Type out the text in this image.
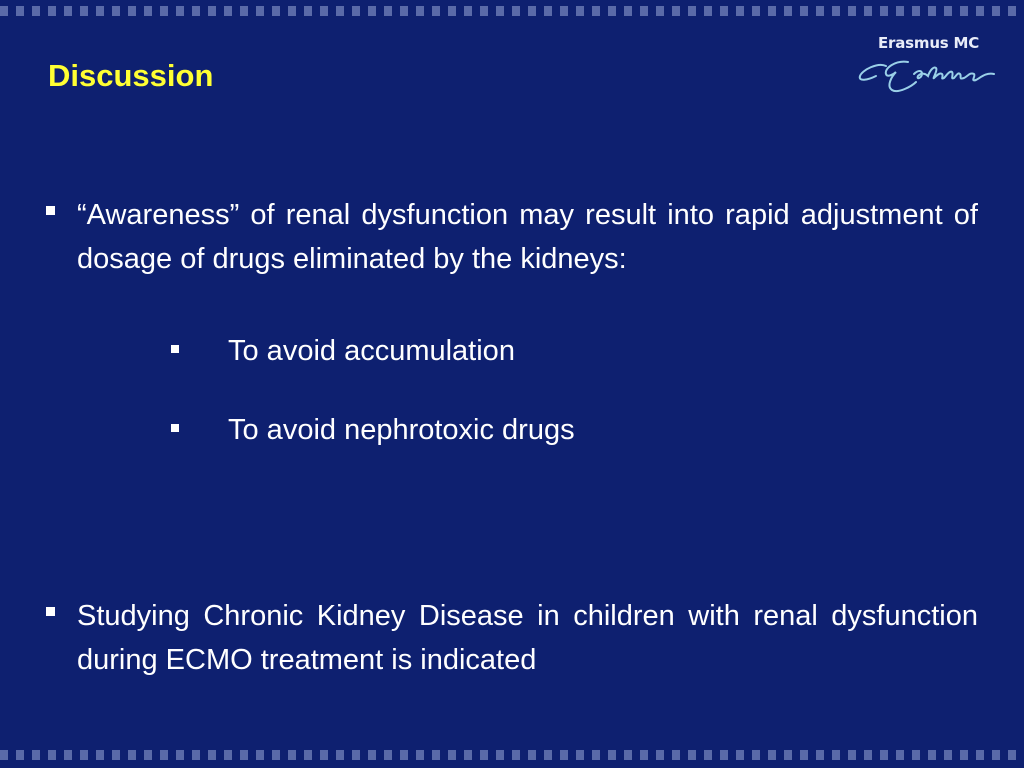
Discussion
Erasmus MC
“Awareness” of renal dysfunction may result into rapid adjustment of dosage of drugs eliminated by the kidneys:
To avoid accumulation
To avoid nephrotoxic drugs
Studying Chronic Kidney Disease in children with renal dysfunction during ECMO treatment is indicated
